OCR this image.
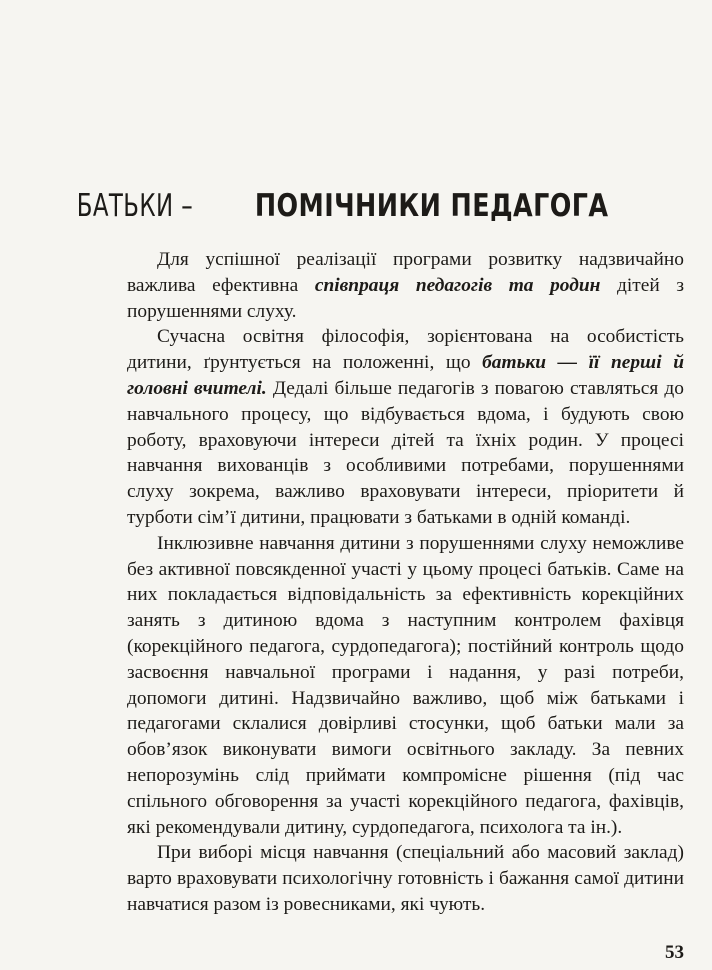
БАТЬКИ – ПОМІЧНИКИ ПЕДАГОГА

Для успішної реалізації програми розвитку надзвичайно важлива ефективна співпраця педагогів та родин дітей з порушеннями слуху.

Сучасна освітня філософія, зорієнтована на особистість дитини, ґрунтується на положенні, що батьки — її перші й головні вчителі. Дедалі більше педагогів з повагою ставляться до навчального процесу, що відбувається вдома, і будують свою роботу, враховуючи інтереси дітей та їхніх родин. У процесі навчання вихованців з особливими потребами, порушеннями слуху зокрема, важливо враховувати інтереси, пріоритети й турботи сім’ї дитини, працювати з батьками в одній команді.

Інклюзивне навчання дитини з порушеннями слуху неможливе без активної повсякденної участі у цьому процесі батьків. Саме на них покладається відповідальність за ефективність корекційних занять з дитиною вдома з наступним контролем фахівця (корекційного педагога, сурдопедагога); постійний контроль щодо засвоєння навчальної програми і надання, у разі потреби, допомоги дитині. Надзвичайно важливо, щоб між батьками і педагогами склалися довірливі стосунки, щоб батьки мали за обов’язок виконувати вимоги освітнього закладу. За певних непорозумінь слід приймати компромісне рішення (під час спільного обговорення за участі корекційного педагога, фахівців, які рекомендували дитину, сурдопедагога, психолога та ін.).

При виборі місця навчання (спеціальний або масовий заклад) варто враховувати психологічну готовність і бажання самої дитини навчатися разом із ровесниками, які чують.

53
